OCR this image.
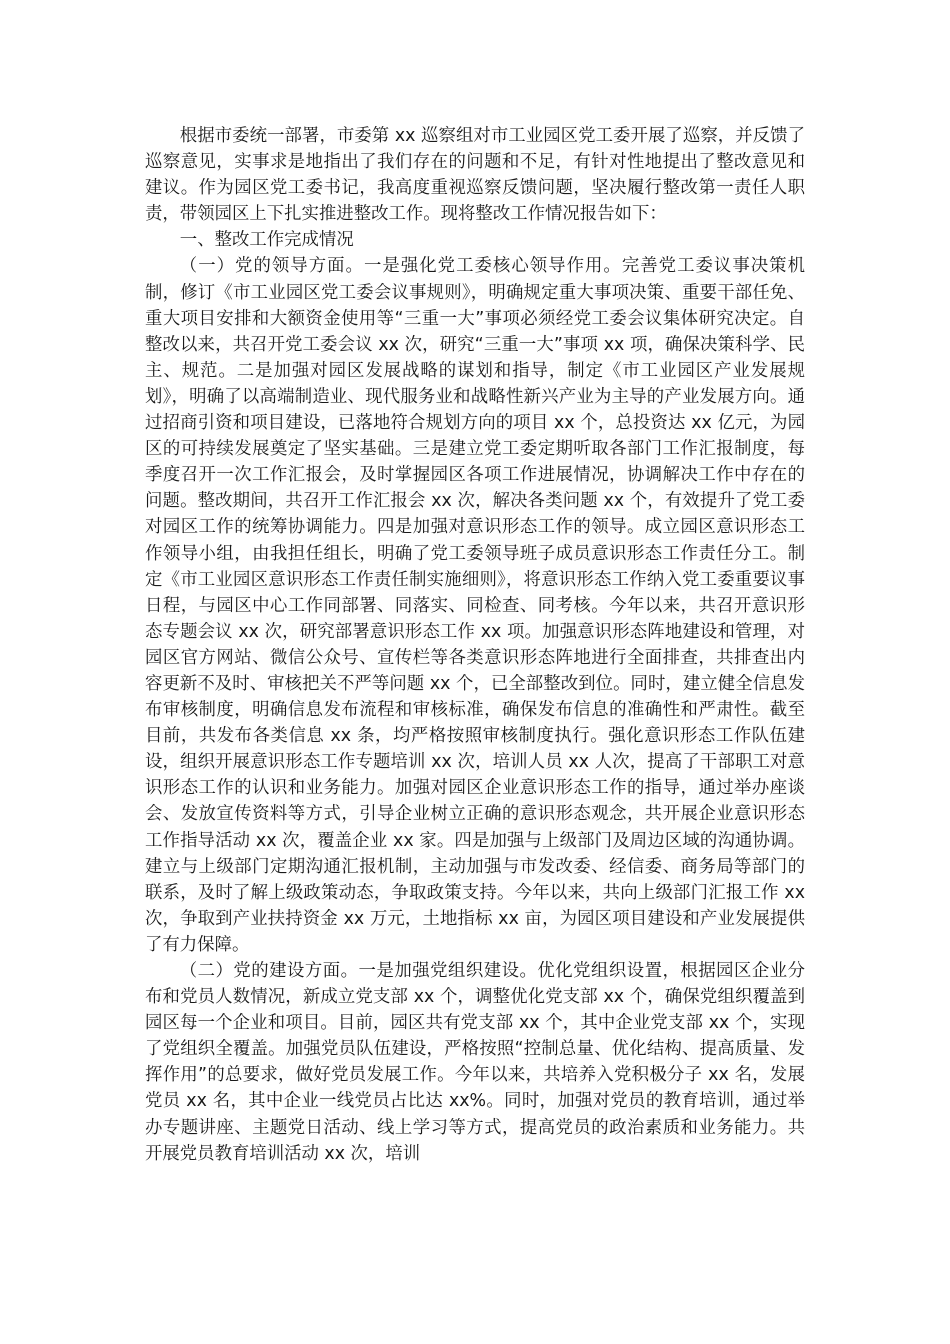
根据市委统一部署，市委第 xx 巡察组对市工业园区党工委开展了巡察，并反馈了巡察意见，实事求是地指出了我们存在的问题和不足，有针对性地提出了整改意见和建议。作为园区党工委书记，我高度重视巡察反馈问题，坚决履行整改第一责任人职责，带领园区上下扎实推进整改工作。现将整改工作情况报告如下：

一、整改工作完成情况

（一）党的领导方面。一是强化党工委核心领导作用。完善党工委议事决策机制，修订《市工业园区党工委会议事规则》，明确规定重大事项决策、重要干部任免、重大项目安排和大额资金使用等“三重一大”事项必须经党工委会议集体研究决定。自整改以来，共召开党工委会议 xx 次，研究“三重一大”事项 xx 项，确保决策科学、民主、规范。二是加强对园区发展战略的谋划和指导，制定《市工业园区产业发展规划》，明确了以高端制造业、现代服务业和战略性新兴产业为主导的产业发展方向。通过招商引资和项目建设，已落地符合规划方向的项目 xx 个，总投资达 xx 亿元，为园区的可持续发展奠定了坚实基础。三是建立党工委定期听取各部门工作汇报制度，每季度召开一次工作汇报会，及时掌握园区各项工作进展情况，协调解决工作中存在的问题。整改期间，共召开工作汇报会 xx 次，解决各类问题 xx 个，有效提升了党工委对园区工作的统筹协调能力。四是加强对意识形态工作的领导。成立园区意识形态工作领导小组，由我担任组长，明确了党工委领导班子成员意识形态工作责任分工。制定《市工业园区意识形态工作责任制实施细则》，将意识形态工作纳入党工委重要议事日程，与园区中心工作同部署、同落实、同检查、同考核。今年以来，共召开意识形态专题会议 xx 次，研究部署意识形态工作 xx 项。加强意识形态阵地建设和管理，对园区官方网站、微信公众号、宣传栏等各类意识形态阵地进行全面排查，共排查出内容更新不及时、审核把关不严等问题 xx 个，已全部整改到位。同时，建立健全信息发布审核制度，明确信息发布流程和审核标准，确保发布信息的准确性和严肃性。截至目前，共发布各类信息 xx 条，均严格按照审核制度执行。强化意识形态工作队伍建设，组织开展意识形态工作专题培训 xx 次，培训人员 xx 人次，提高了干部职工对意识形态工作的认识和业务能力。加强对园区企业意识形态工作的指导，通过举办座谈会、发放宣传资料等方式，引导企业树立正确的意识形态观念，共开展企业意识形态工作指导活动 xx 次，覆盖企业 xx 家。四是加强与上级部门及周边区域的沟通协调。建立与上级部门定期沟通汇报机制，主动加强与市发改委、经信委、商务局等部门的联系，及时了解上级政策动态，争取政策支持。今年以来，共向上级部门汇报工作 xx 次，争取到产业扶持资金 xx 万元，土地指标 xx 亩，为园区项目建设和产业发展提供了有力保障。

（二）党的建设方面。一是加强党组织建设。优化党组织设置，根据园区企业分布和党员人数情况，新成立党支部 xx 个，调整优化党支部 xx 个，确保党组织覆盖到园区每一个企业和项目。目前，园区共有党支部 xx 个，其中企业党支部 xx 个，实现了党组织全覆盖。加强党员队伍建设，严格按照“控制总量、优化结构、提高质量、发挥作用”的总要求，做好党员发展工作。今年以来，共培养入党积极分子 xx 名，发展党员 xx 名，其中企业一线党员占比达 xx%。同时，加强对党员的教育培训，通过举办专题讲座、主题党日活动、线上学习等方式，提高党员的政治素质和业务能力。共开展党员教育培训活动 xx 次，培训
